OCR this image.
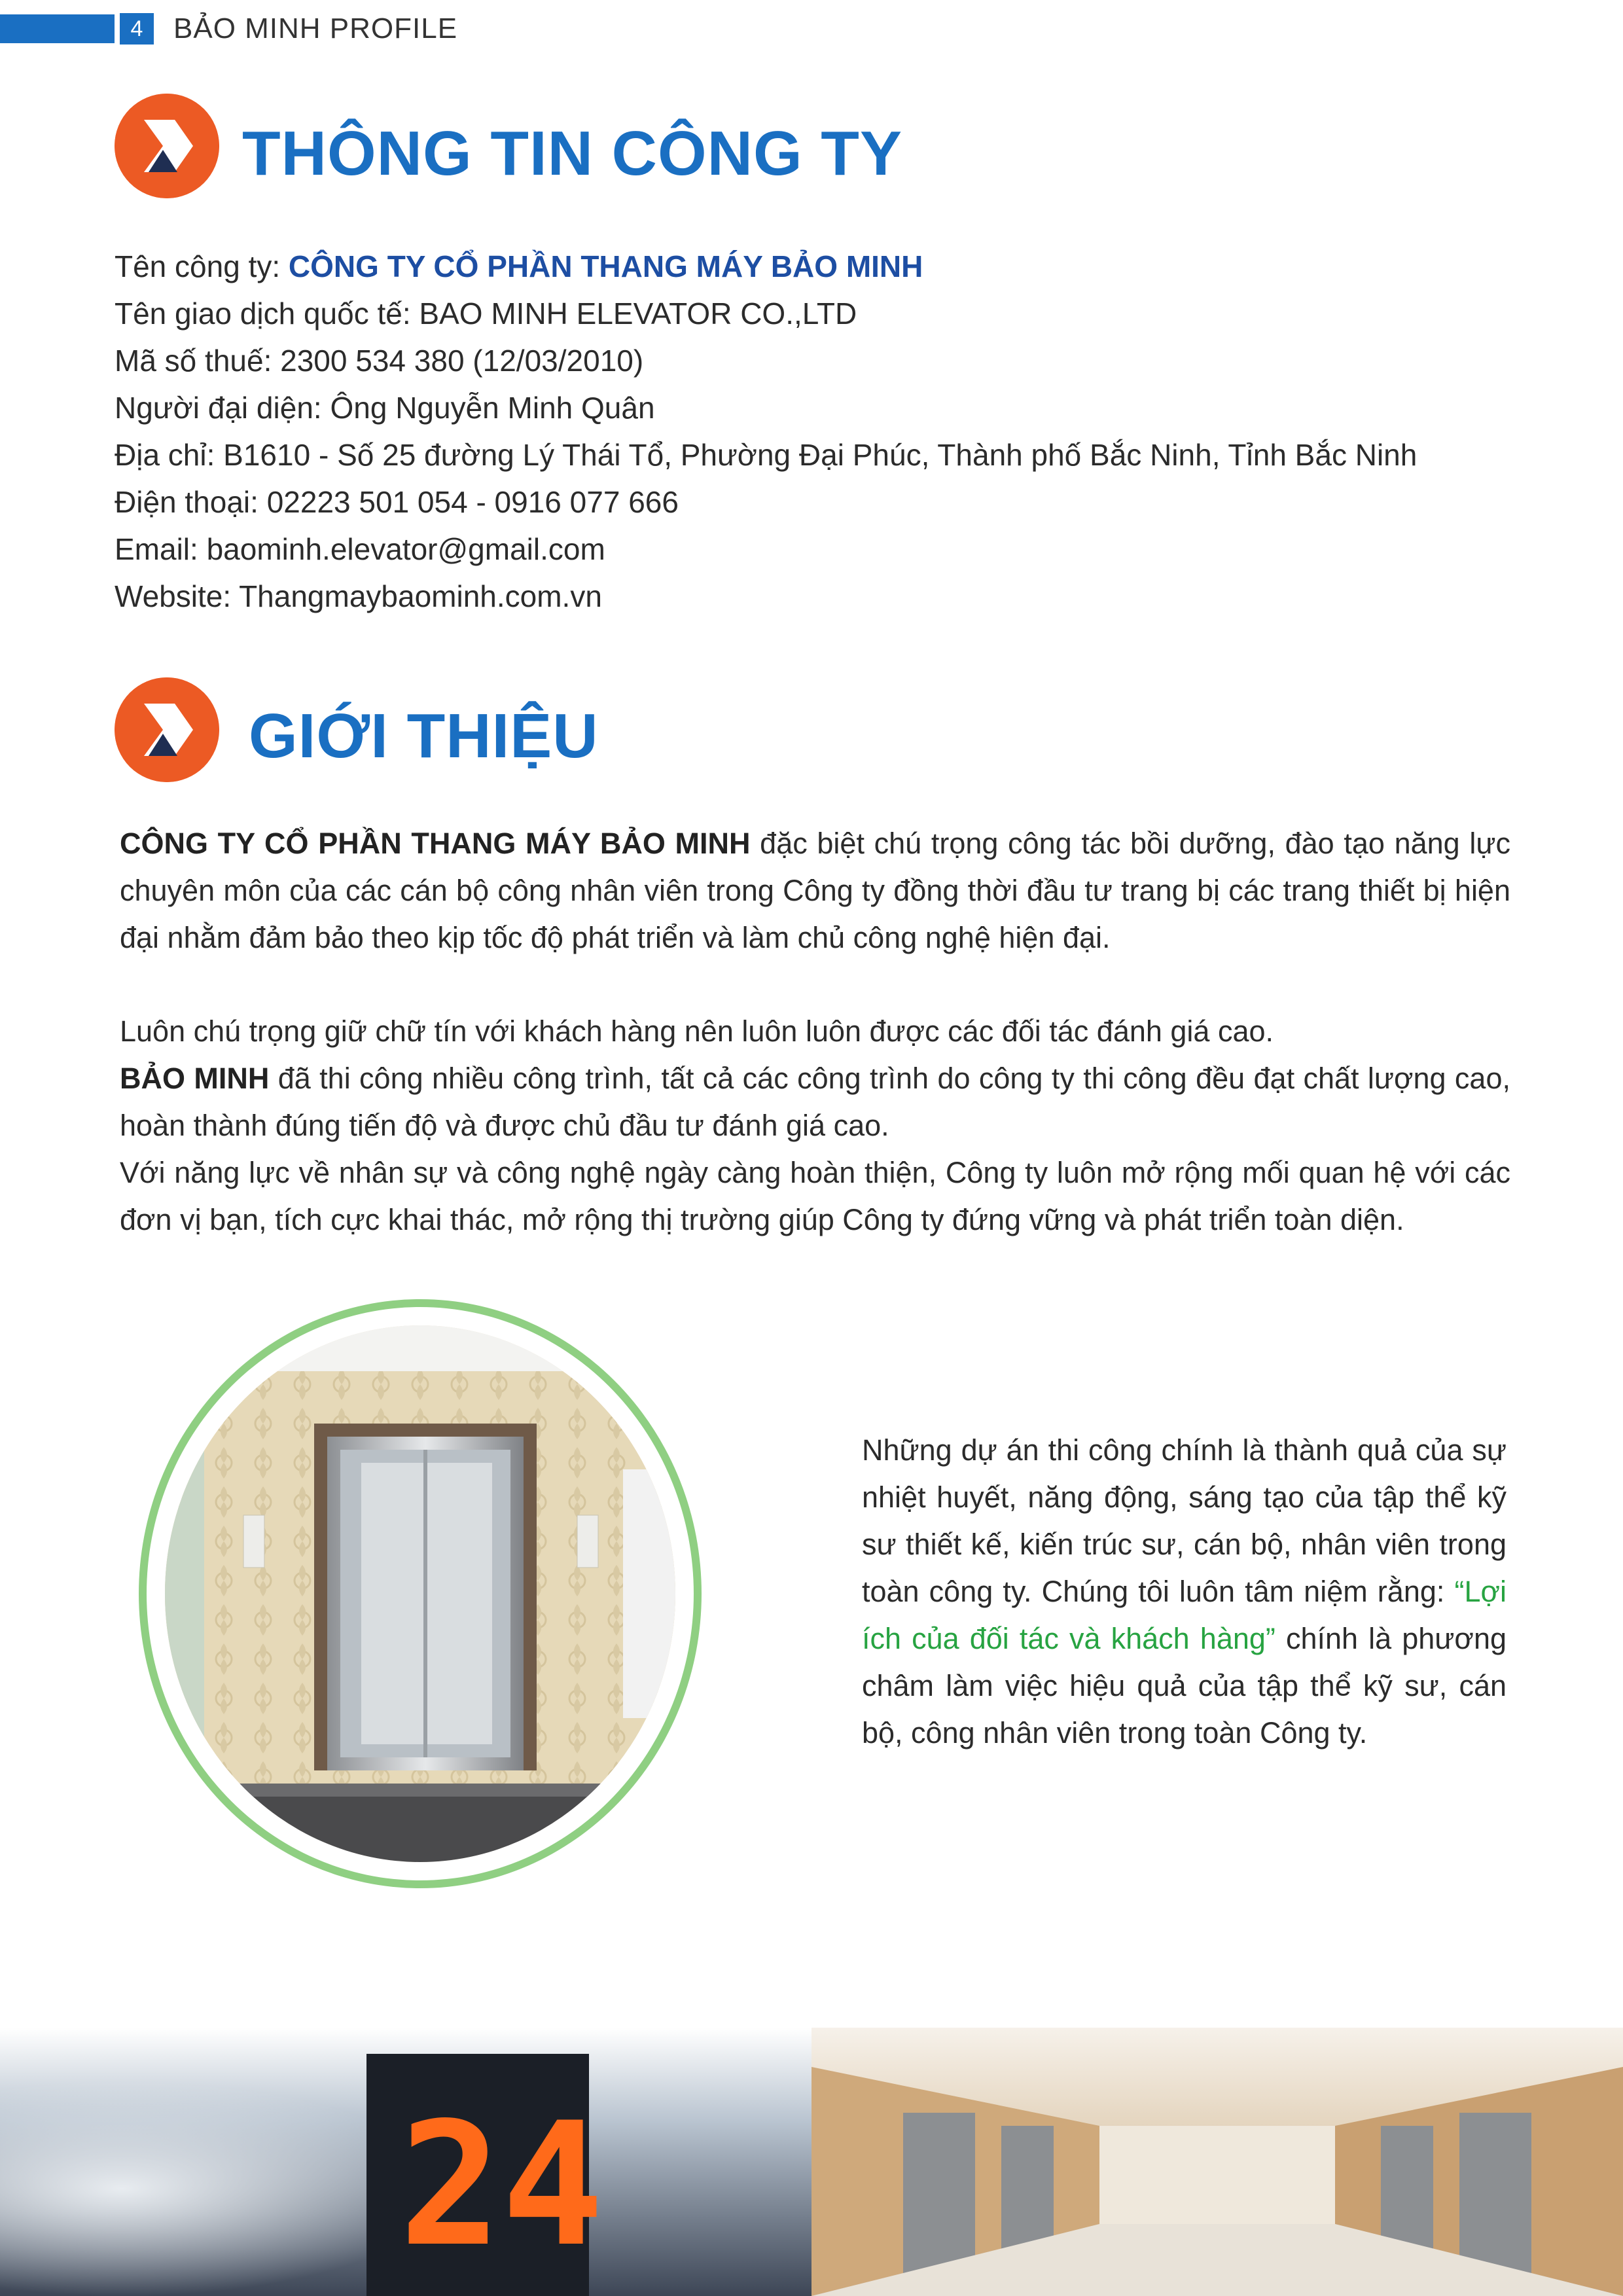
4	BẢO MINH PROFILE
THÔNG TIN CÔNG TY
Tên công ty: CÔNG TY CỔ PHẦN THANG MÁY BẢO MINH
Tên giao dịch quốc tế: BAO MINH ELEVATOR CO.,LTD
Mã số thuế: 2300 534 380 (12/03/2010)
Người đại diện: Ông Nguyễn Minh Quân
Địa chỉ: B1610 - Số 25 đường Lý Thái Tổ, Phường Đại Phúc, Thành phố Bắc Ninh, Tỉnh Bắc Ninh
Điện thoại: 02223 501 054 - 0916 077 666
Email: baominh.elevator@gmail.com
Website: Thangmaybaominh.com.vn
GIỚI THIỆU
CÔNG TY CỔ PHẦN THANG MÁY BẢO MINH đặc biệt chú trọng công tác bồi dưỡng, đào tạo năng lực chuyên môn của các cán bộ công nhân viên trong Công ty đồng thời đầu tư trang bị các trang thiết bị hiện đại nhằm đảm bảo theo kịp tốc độ phát triển và làm chủ công nghệ hiện đại.
Luôn chú trọng giữ chữ tín với khách hàng nên luôn luôn được các đối tác đánh giá cao.
BẢO MINH đã thi công nhiều công trình, tất cả các công trình do công ty thi công đều đạt chất lượng cao, hoàn thành đúng tiến độ và được chủ đầu tư đánh giá cao.
Với năng lực về nhân sự và công nghệ ngày càng hoàn thiện, Công ty luôn mở rộng mối quan hệ với các đơn vị bạn, tích cực khai thác, mở rộng thị trường giúp Công ty đứng vững và phát triển toàn diện.
Những dự án thi công chính là thành quả của sự nhiệt huyết, năng động, sáng tạo của tập thể kỹ sư thiết kế, kiến trúc sư, cán bộ, nhân viên trong toàn công ty. Chúng tôi luôn tâm niệm rằng: “Lợi ích của đối tác và khách hàng” chính là phương châm làm việc hiệu quả của tập thể kỹ sư, cán bộ, công nhân viên trong toàn Công ty.
24
